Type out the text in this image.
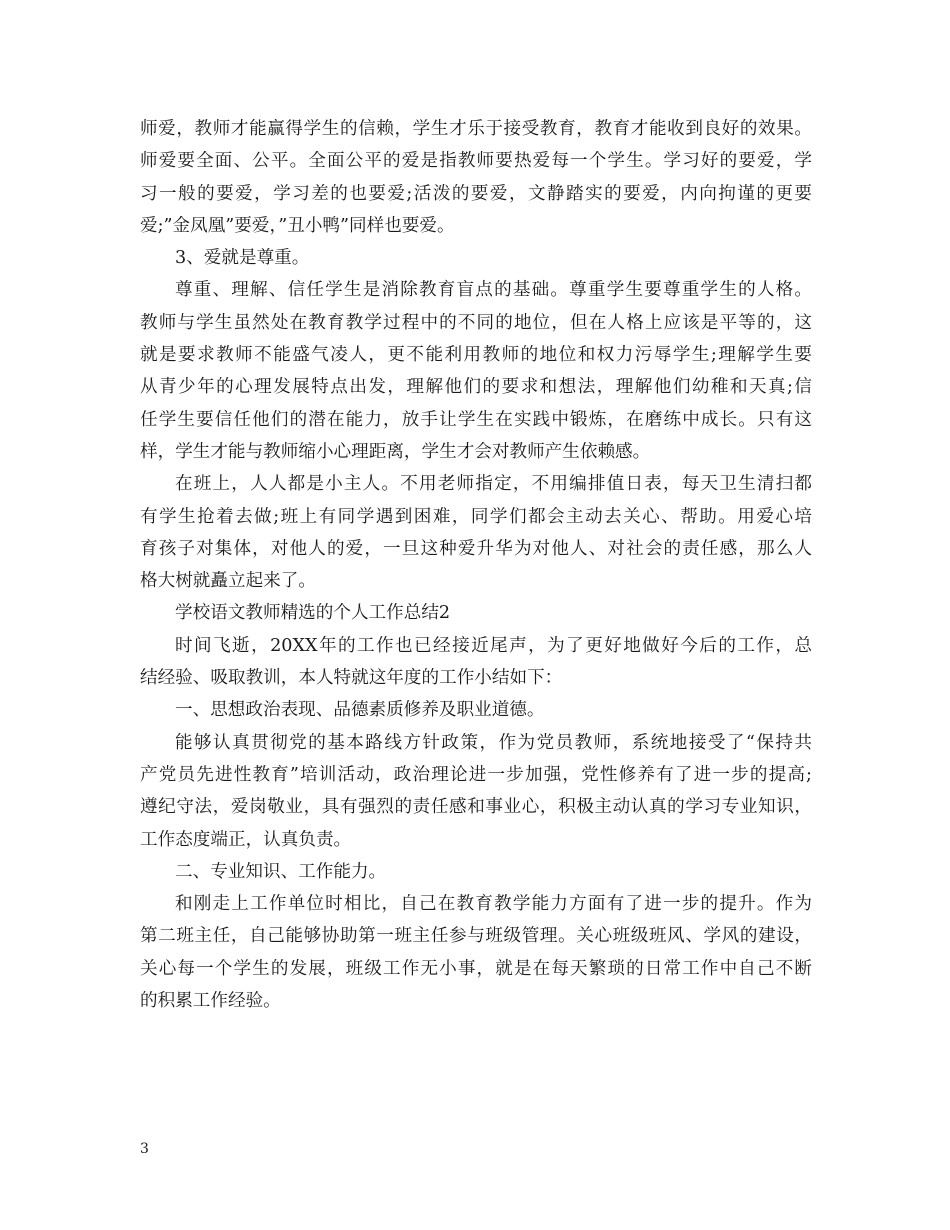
师爱，教师才能赢得学生的信赖，学生才乐于接受教育，教育才能收到良好的效果。
师爱要全面、公平。全面公平的爱是指教师要热爱每一个学生。学习好的要爱，学
习一般的要爱，学习差的也要爱;活泼的要爱，文静踏实的要爱，内向拘谨的更要
爱;”金凤凰”要爱，”丑小鸭”同样也要爱。
3、爱就是尊重。
尊重、理解、信任学生是消除教育盲点的基础。尊重学生要尊重学生的人格。
教师与学生虽然处在教育教学过程中的不同的地位，但在人格上应该是平等的，这
就是要求教师不能盛气凌人，更不能利用教师的地位和权力污辱学生;理解学生要
从青少年的心理发展特点出发，理解他们的要求和想法，理解他们幼稚和天真;信
任学生要信任他们的潜在能力，放手让学生在实践中锻炼，在磨练中成长。只有这
样，学生才能与教师缩小心理距离，学生才会对教师产生依赖感。
在班上，人人都是小主人。不用老师指定，不用编排值日表，每天卫生清扫都
有学生抢着去做;班上有同学遇到困难，同学们都会主动去关心、帮助。用爱心培
育孩子对集体，对他人的爱，一旦这种爱升华为对他人、对社会的责任感，那么人
格大树就矗立起来了。
学校语文教师精选的个人工作总结2
时间飞逝，20XX年的工作也已经接近尾声，为了更好地做好今后的工作，总
结经验、吸取教训，本人特就这年度的工作小结如下：
一、思想政治表现、品德素质修养及职业道德。
能够认真贯彻党的基本路线方针政策，作为党员教师，系统地接受了“保持共
产党员先进性教育”培训活动，政治理论进一步加强，党性修养有了进一步的提高;
遵纪守法，爱岗敬业，具有强烈的责任感和事业心，积极主动认真的学习专业知识，
工作态度端正，认真负责。
二、专业知识、工作能力。
和刚走上工作单位时相比，自己在教育教学能力方面有了进一步的提升。作为
第二班主任，自己能够协助第一班主任参与班级管理。关心班级班风、学风的建设，
关心每一个学生的发展，班级工作无小事，就是在每天繁琐的日常工作中自己不断
的积累工作经验。
3
